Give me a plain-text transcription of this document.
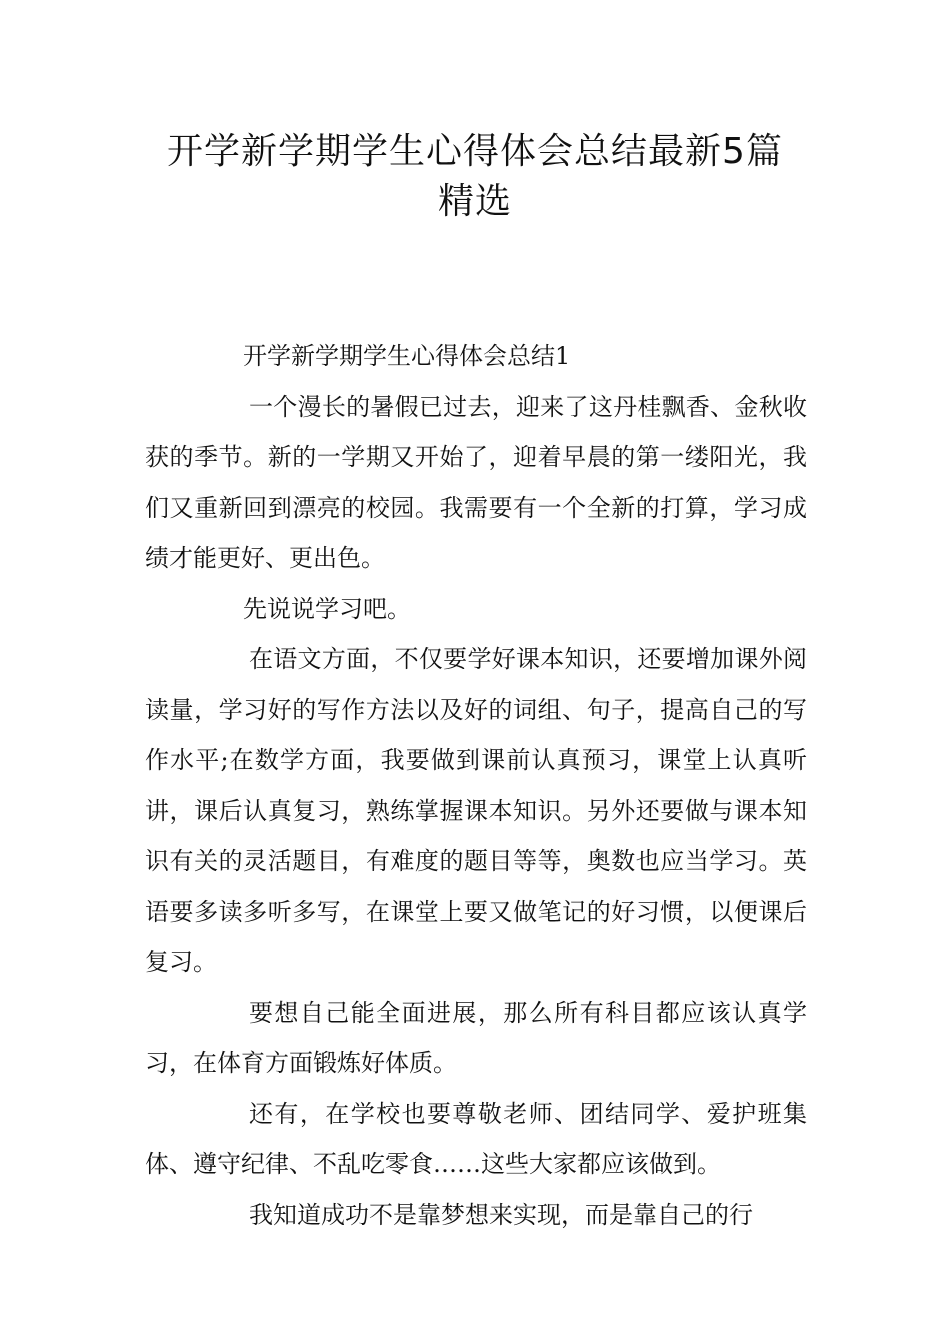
开学新学期学生心得体会总结最新5篇
精选

开学新学期学生心得体会总结1

一个漫长的暑假已过去，迎来了这丹桂飘香、金秋收获的季节。新的一学期又开始了，迎着早晨的第一缕阳光，我们又重新回到漂亮的校园。我需要有一个全新的打算，学习成绩才能更好、更出色。

先说说学习吧。

在语文方面，不仅要学好课本知识，还要增加课外阅读量，学习好的写作方法以及好的词组、句子，提高自己的写作水平;在数学方面，我要做到课前认真预习，课堂上认真听讲，课后认真复习，熟练掌握课本知识。另外还要做与课本知识有关的灵活题目，有难度的题目等等，奥数也应当学习。英语要多读多听多写，在课堂上要又做笔记的好习惯，以便课后复习。

要想自己能全面进展，那么所有科目都应该认真学习，在体育方面锻炼好体质。

还有，在学校也要尊敬老师、团结同学、爱护班集体、遵守纪律、不乱吃零食……这些大家都应该做到。

我知道成功不是靠梦想来实现，而是靠自己的行
